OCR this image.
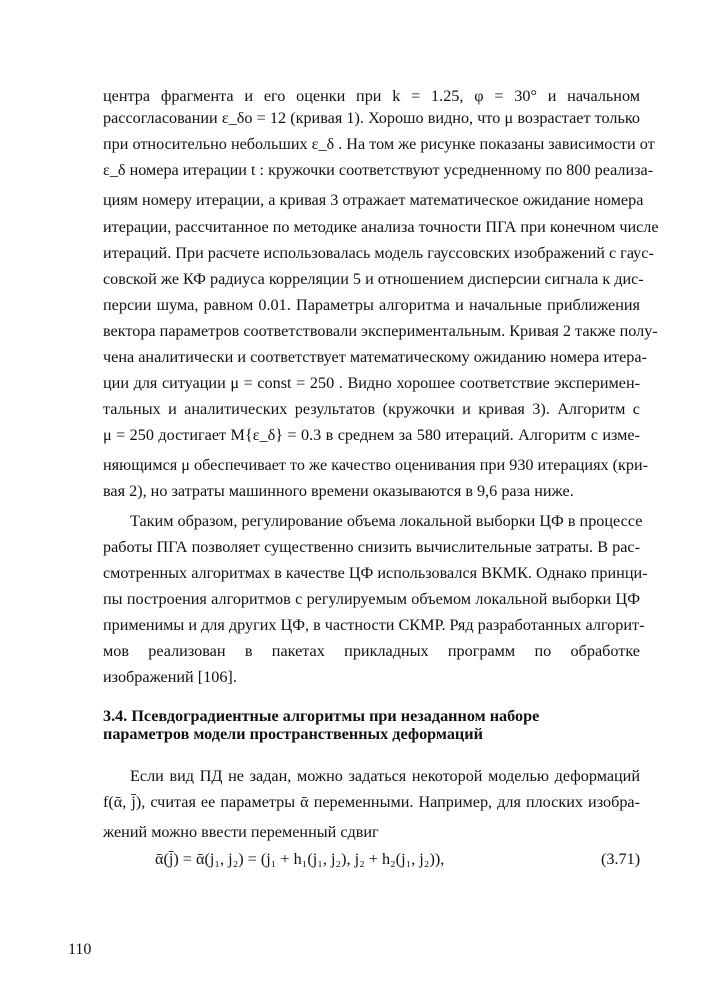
центра фрагмента и его оценки при k = 1.25, φ = 30° и начальном
рассогласовании ε_δo = 12 (кривая 1). Хорошо видно, что μ возрастает только
при относительно небольших ε_δ . На том же рисунке показаны зависимости от
ε_δ номера итерации t : кружочки соответствуют усредненному по 800 реализа-
циям номеру итерации, а кривая 3 отражает математическое ожидание номера
итерации, рассчитанное по методике анализа точности ПГА при конечном числе
итераций. При расчете использовалась модель гауссовских изображений с гаус-
совской же КФ радиуса корреляции 5 и отношением дисперсии сигнала к дис-
персии шума, равном 0.01. Параметры алгоритма и начальные приближения
вектора параметров соответствовали экспериментальным. Кривая 2 также полу-
чена аналитически и соответствует математическому ожиданию номера итера-
ции для ситуации μ = const = 250 . Видно хорошее соответствие эксперимен-
тальных и аналитических результатов (кружочки и кривая 3). Алгоритм с
μ = 250 достигает M{ε_δ} = 0.3 в среднем за 580 итераций. Алгоритм с изме-
няющимся μ обеспечивает то же качество оценивания при 930 итерациях (кри-
вая 2), но затраты машинного времени оказываются в 9,6 раза ниже.
Таким образом, регулирование объема локальной выборки ЦФ в процессе
работы ПГА позволяет существенно снизить вычислительные затраты. В рас-
смотренных алгоритмах в качестве ЦФ использовался ВКМК. Однако принци-
пы построения алгоритмов с регулируемым объемом локальной выборки ЦФ
применимы и для других ЦФ, в частности СКМР. Ряд разработанных алгорит-
мов реализован в пакетах прикладных программ по обработке
изображений [106].
3.4. Псевдоградиентные алгоритмы при незаданном наборе
параметров модели пространственных деформаций
Если вид ПД не задан, можно задаться некоторой моделью деформаций
f(ᾱ, j̄), считая ее параметры ᾱ переменными. Например, для плоских изобра-
жений можно ввести переменный сдвиг
ᾱ(j̄) = ᾱ(j₁, j₂) = (j₁ + h₁(j₁, j₂), j₂ + h₂(j₁, j₂)),	(3.71)
110
